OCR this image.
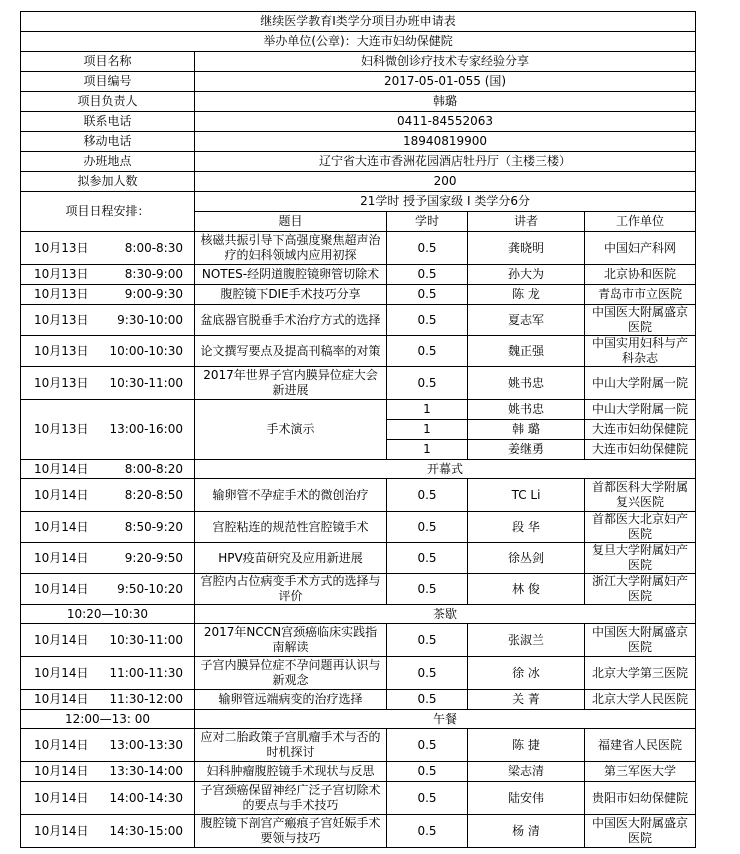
继续医学教育I类学分项目办班申请表				
举办单位(公章)：大连市妇幼保健院				
项目名称	妇科微创诊疗技术专家经验分享			
项目编号	2017-05-01-055 (国)			
项目负责人	韩璐			
联系电话	0411-84552063			
移动电话	18940819900			
办班地点	辽宁省大连市香洲花园酒店牡丹厅（主楼三楼）			
拟参加人数	200			
项目日程安排：	21学时 授予国家级 I 类学分6分			
	题目	学时	讲者	工作单位

10月13日 8:00-8:30	核磁共振引导下高强度聚焦超声治疗的妇科领域内应用初探	0.5	龚晓明	中国妇产科网

10月13日 8:30-9:00	NOTES-经阴道腹腔镜卵管切除术	0.5	孙大为	北京协和医院

10月13日 9:00-9:30	腹腔镜下DIE手术技巧分享	0.5	陈 龙	青岛市市立医院

10月13日 9:30-10:00	盆底器官脱垂手术治疗方式的选择	0.5	夏志军	中国医大附属盛京医院

10月13日 10:00-10:30	论文撰写要点及提高刊稿率的对策	0.5	魏正强	中国实用妇科与产科杂志

10月13日 10:30-11:00	2017年世界子宫内膜异位症大会新进展	0.5	姚书忠	中山大学附属一院

10月13日 13:00-16:00	手术演示	1	姚书忠	中山大学附属一院
		1	韩 璐	大连市妇幼保健院
		1	姜继勇	大连市妇幼保健院

10月14日 8:00-8:20	开幕式			

10月14日 8:20-8:50	输卵管不孕症手术的微创治疗	0.5	TC Li	首都医科大学附属复兴医院

10月14日 8:50-9:20	宫腔粘连的规范性宫腔镜手术	0.5	段 华	首都医大北京妇产医院

10月14日 9:20-9:50	HPV疫苗研究及应用新进展	0.5	徐丛剑	复旦大学附属妇产医院

10月14日 9:50-10:20	宫腔内占位病变手术方式的选择与评价	0.5	林 俊	浙江大学附属妇产医院
10:20—10:30	茶歇			

10月14日 10:30-11:00	2017年NCCN宫颈癌临床实践指南解读	0.5	张淑兰	中国医大附属盛京医院

10月14日 11:00-11:30	子宫内膜异位症不孕问题再认识与新观念	0.5	徐 冰	北京大学第三医院

10月14日 11:30-12:00	输卵管远端病变的治疗选择	0.5	关 菁	北京大学人民医院
12:00—13: 00	午餐			

10月14日 13:00-13:30	应对二胎政策子宫肌瘤手术与否的时机探讨	0.5	陈 捷	福建省人民医院

10月14日 13:30-14:00	妇科肿瘤腹腔镜手术现状与反思	0.5	梁志清	第三军医大学

10月14日 14:00-14:30	子宫颈癌保留神经广泛子宫切除术的要点与手术技巧	0.5	陆安伟	贵阳市妇幼保健院

10月14日 14:30-15:00	腹腔镜下剖宫产瘢痕子宫妊娠手术要领与技巧	0.5	杨 清	中国医大附属盛京医院
